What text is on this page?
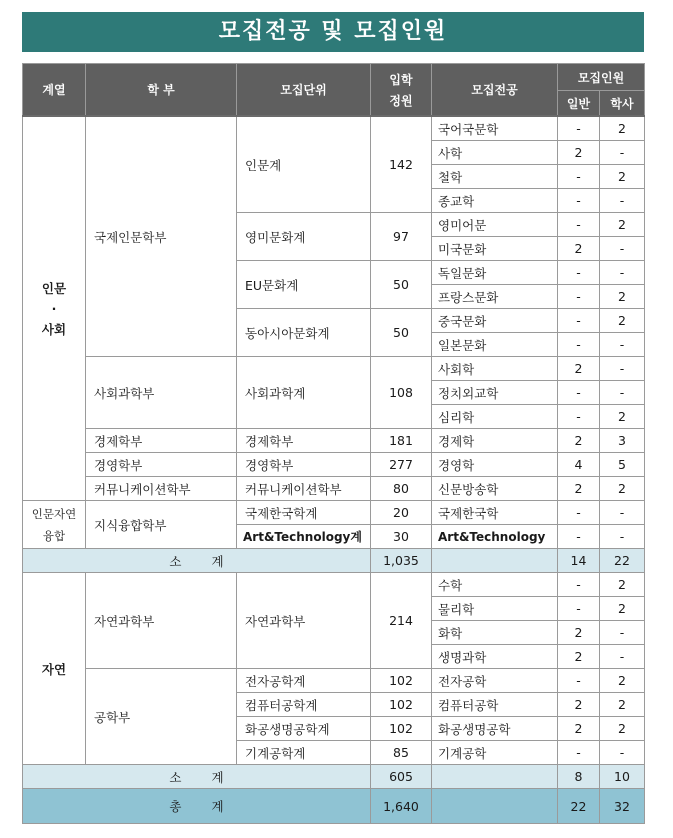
모집전공 및 모집인원
계열	학 부	모집단위	입학
정원	모집전공	모집인원	
					일반	학사

인문
·
사회	국제인문학부	인문계	142	국어국문학	-	2
				사학	2	-
				철학	-	2
				종교학	-	-
		영미문화계	97	영미어문	-	2
				미국문화	2	-
		EU문화계	50	독일문화	-	-
				프랑스문화	-	2
		동아시아문화계	50	중국문화	-	2
				일본문화	-	-
	사회과학부	사회과학계	108	사회학	2	-
				정치외교학	-	-
				심리학	-	2
	경제학부	경제학부	181	경제학	2	3
	경영학부	경영학부	277	경영학	4	5
	커뮤니케이션학부	커뮤니케이션학부	80	신문방송학	2	2

인문자연
융합	지식융합학부	국제한국학계	20	국제한국학	-	-
		Art&Technology계	30	Art&Technology	-	-
소계			1,035		14	22
자연	자연과학부	자연과학부	214	수학	-	2
				물리학	-	2
				화학	2	-
				생명과학	2	-
	공학부	전자공학계	102	전자공학	-	2
		컴퓨터공학계	102	컴퓨터공학	2	2
		화공생명공학계	102	화공생명공학	2	2
		기계공학계	85	기계공학	-	-
소계			605		8	10
총계			1,640		22	32
